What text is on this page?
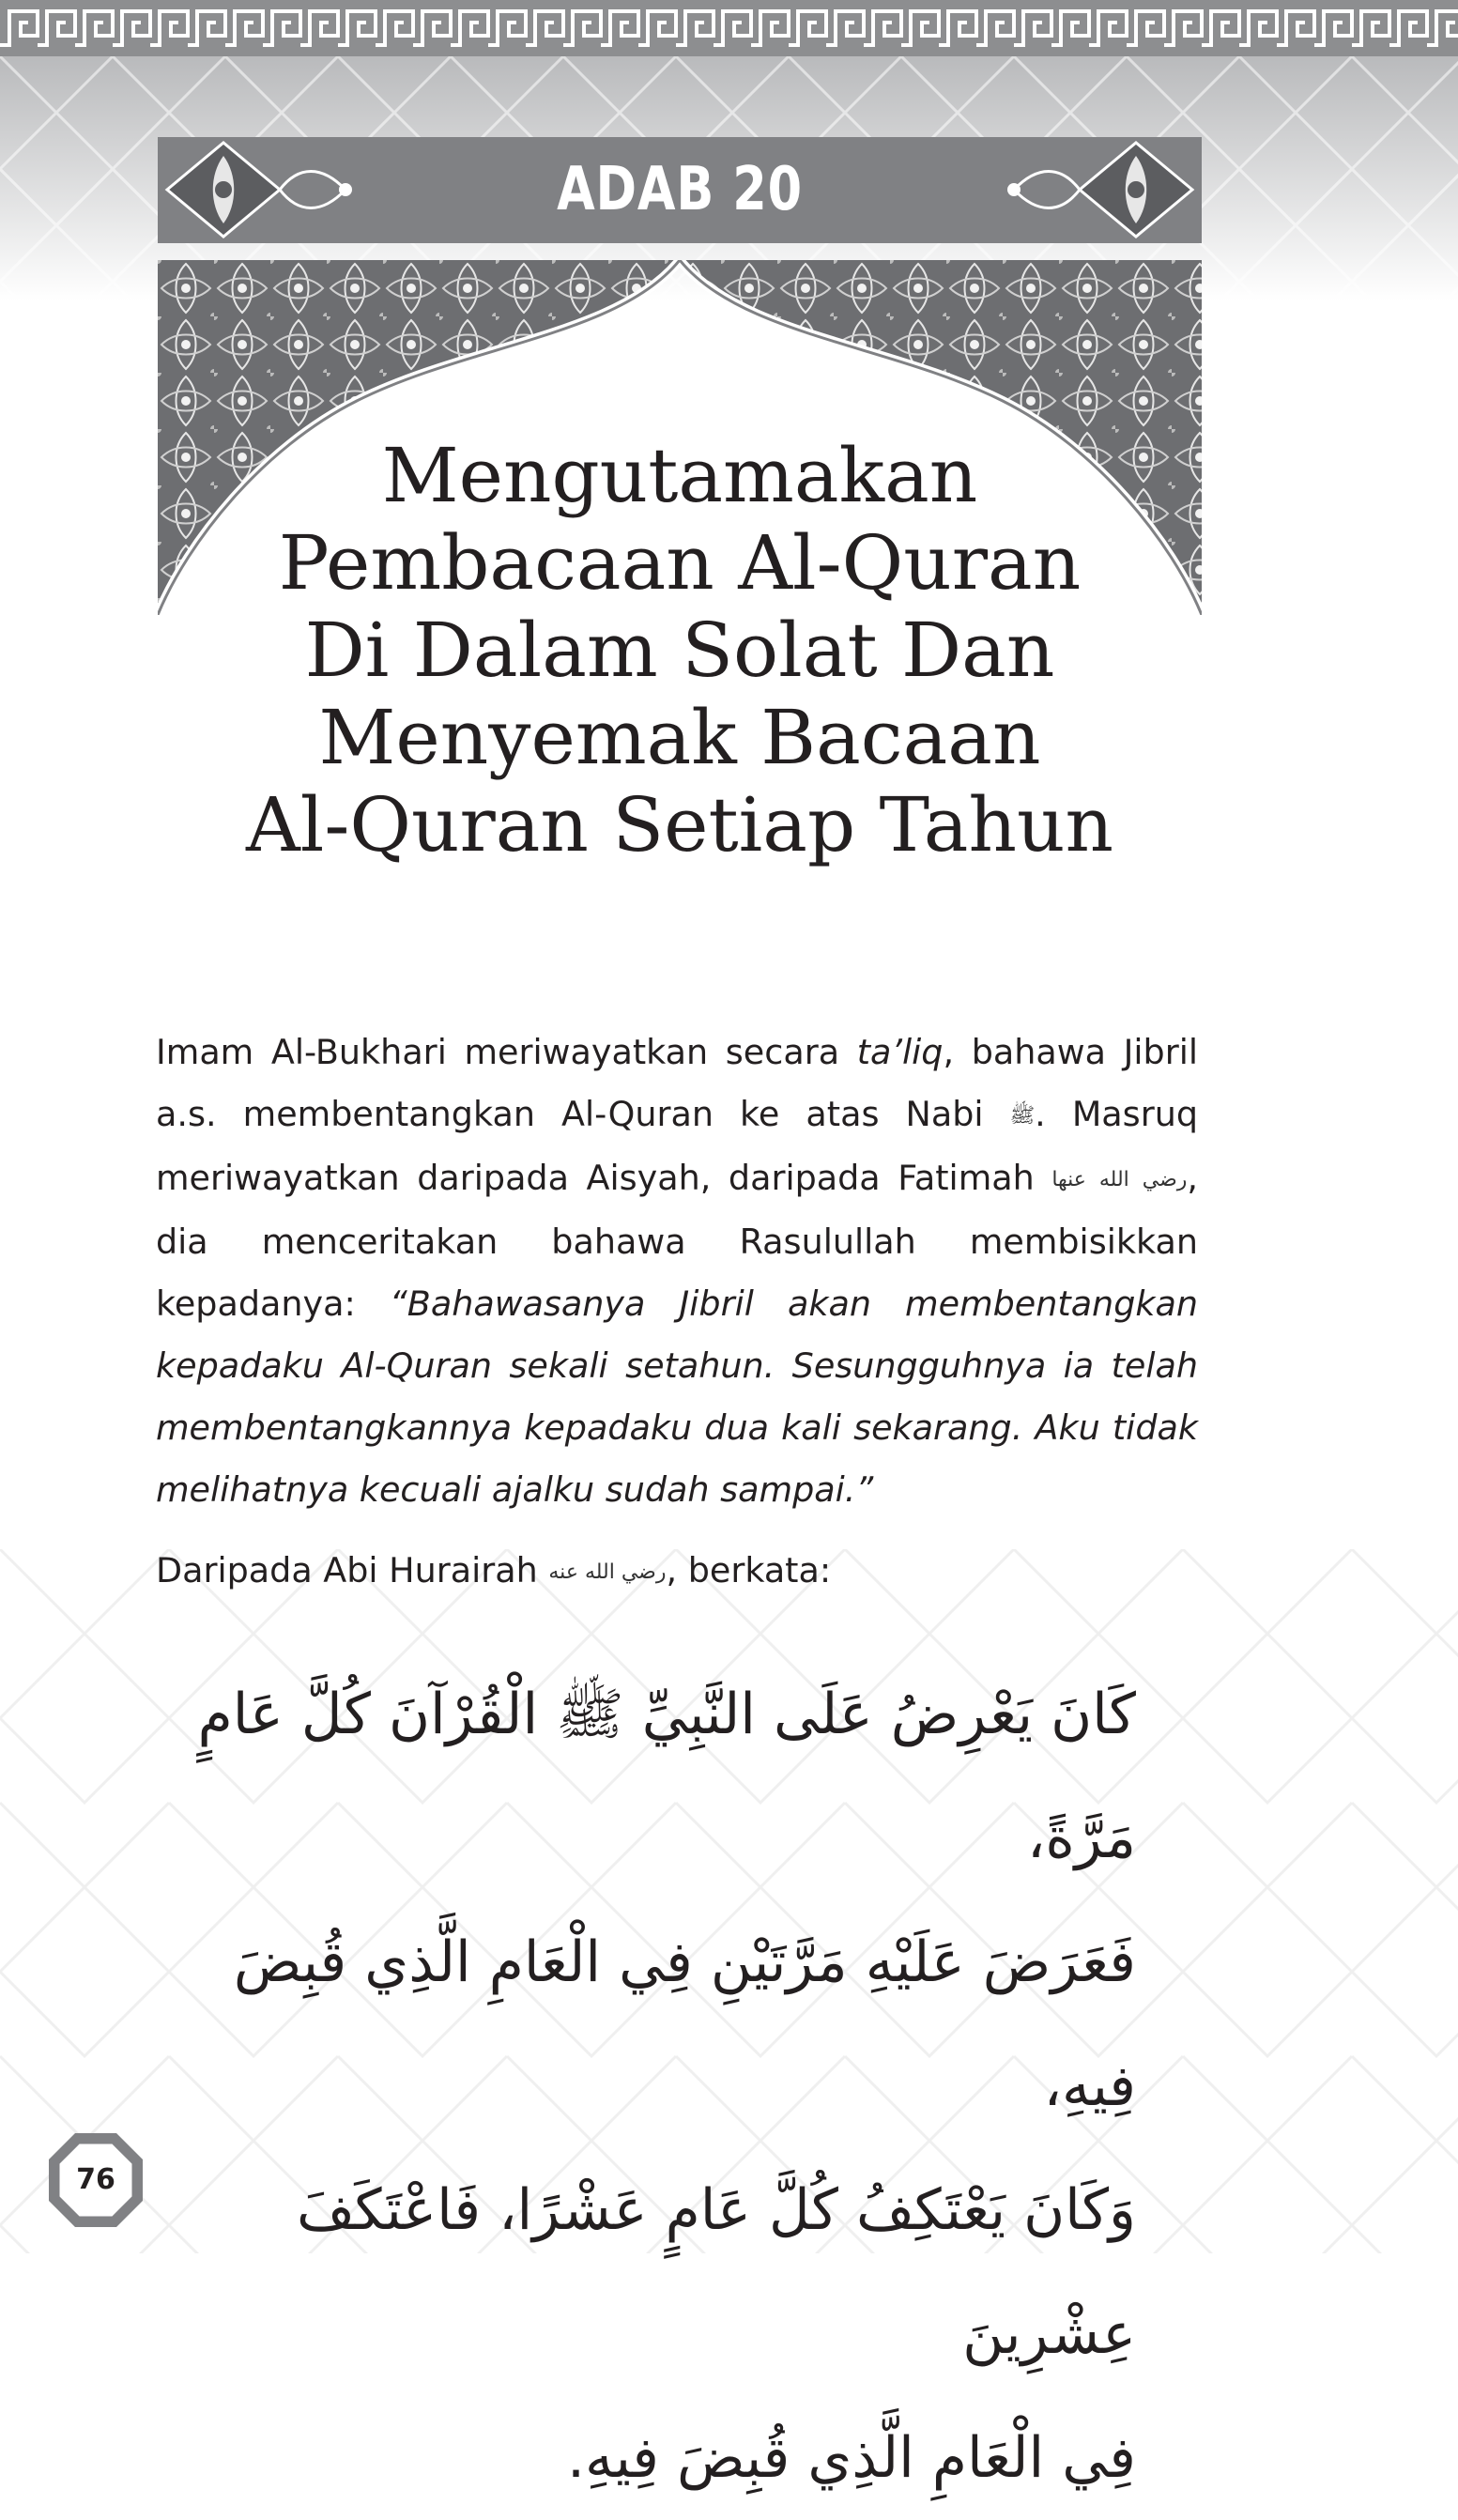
ADAB 20
Mengutamakan
Pembacaan Al-Quran
Di Dalam Solat Dan
Menyemak Bacaan
Al-Quran Setiap Tahun

Imam Al-Bukhari meriwayatkan secara ta’liq, bahawa Jibril a.s. membentangkan Al-Quran ke atas Nabi ﷺ. Masruq meriwayatkan daripada Aisyah, daripada Fatimah رضي الله عنها, dia menceritakan bahawa Rasulullah membisikkan kepadanya: “Bahawasanya Jibril akan membentangkan kepadaku Al-Quran sekali setahun. Sesungguhnya ia telah membentangkannya kepadaku dua kali sekarang. Aku tidak melihatnya kecuali ajalku sudah sampai.”

Daripada Abi Hurairah رضي الله عنه, berkata:

كَانَ يَعْرِضُ عَلَى النَّبِيِّ ﷺ الْقُرْآنَ كُلَّ عَامٍ مَرَّةً،
فَعَرَضَ عَلَيْهِ مَرَّتَيْنِ فِي الْعَامِ الَّذِي قُبِضَ فِيهِ،
وَكَانَ يَعْتَكِفُ كُلَّ عَامٍ عَشْرًا، فَاعْتَكَفَ عِشْرِينَ
فِي الْعَامِ الَّذِي قُبِضَ فِيهِ.
76
